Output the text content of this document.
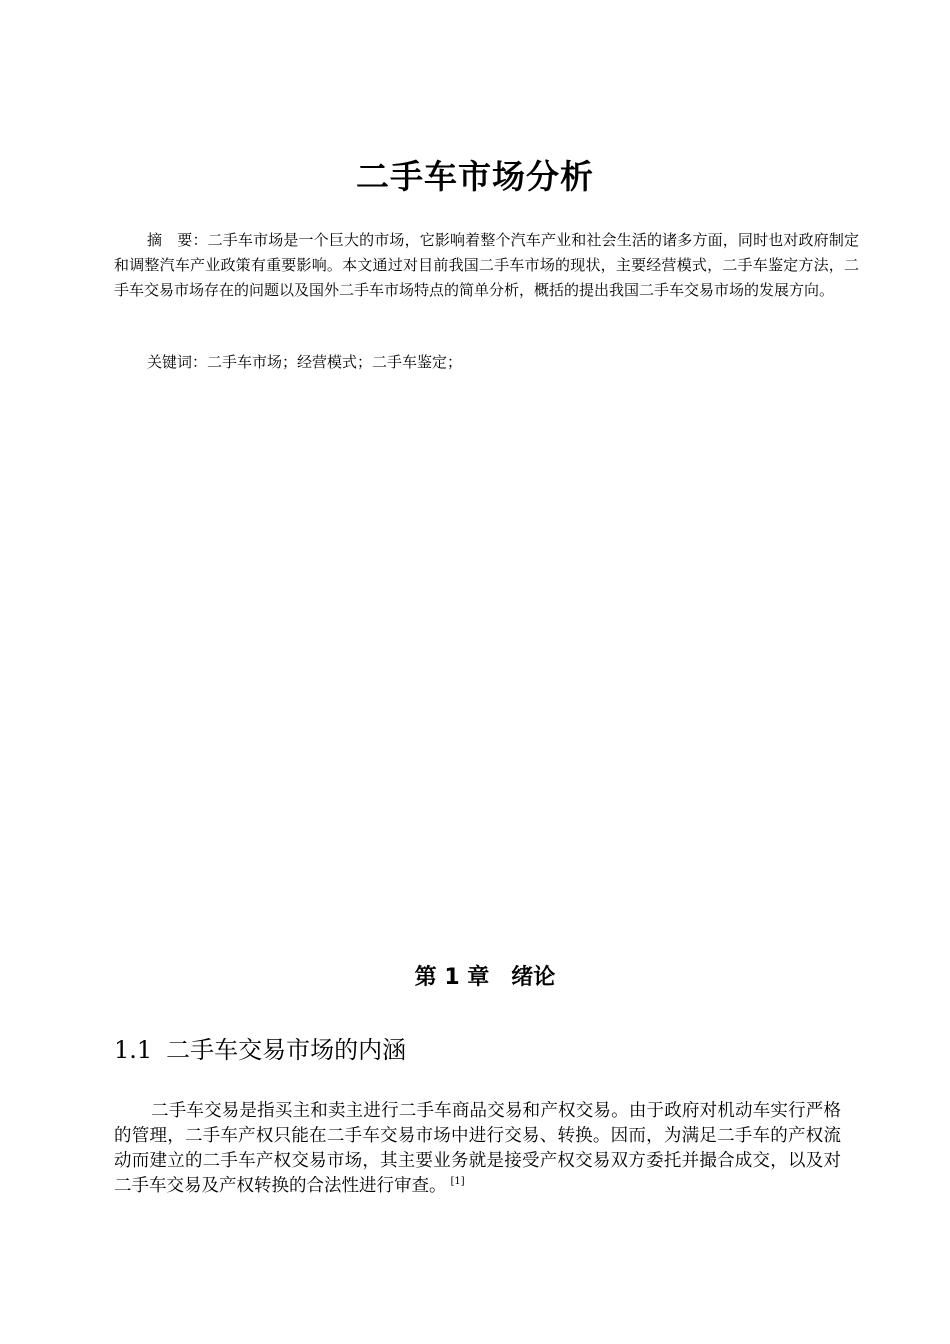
二手车市场分析

摘　要：二手车市场是一个巨大的市场，它影响着整个汽车产业和社会生活的诸多方面，同时也对政府制定和调整汽车产业政策有重要影响。本文通过对目前我国二手车市场的现状，主要经营模式，二手车鉴定方法，二手车交易市场存在的问题以及国外二手车市场特点的简单分析，概括的提出我国二手车交易市场的发展方向。

关键词：二手车市场；经营模式；二手车鉴定；

第 1 章　绪论
1.1 二手车交易市场的内涵

二手车交易是指买主和卖主进行二手车商品交易和产权交易。由于政府对机动车实行严格的管理，二手车产权只能在二手车交易市场中进行交易、转换。因而，为满足二手车的产权流动而建立的二手车产权交易市场，其主要业务就是接受产权交易双方委托并撮合成交，以及对二手车交易及产权转换的合法性进行审查。 [1]
